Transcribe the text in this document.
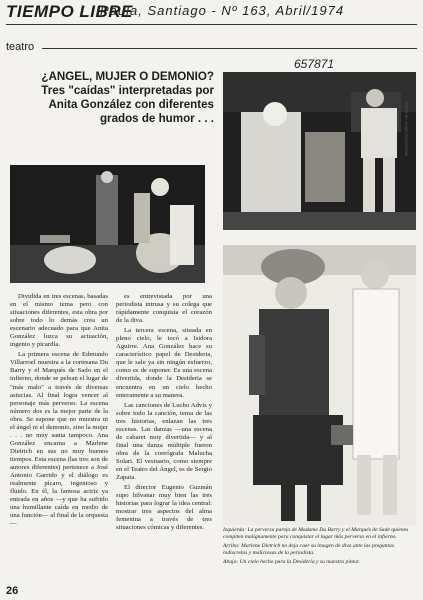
TIEMPO LIBRE
Paula, Santiago - Nº 163, Abril/1974
teatro
657871
¿ANGEL, MUJER O DEMONIO? Tres "caídas" interpretadas por Anita González con diferentes grados de humor . . .	Fotos de Jorge Ianiszewski

Dividida en tres escenas, basadas en el mismo tema pero con situaciones diferentes, esta obra por sobre todo lo demás crea un escenario adecuado para que Anita González luzca su actuación, ingenio y picardía.

La primera escena de Edmundo Villarroel muestra a la cortesana Du Barry y el Marqués de Sado en el infierno, donde se pelean el lugar de "más malo" a través de diversas astucias. Al final logra vencer al personaje más perverso. La escena número dos es la mejor parte de la obra. Se supone que no muestra ni el ángel ni el demonio, sino la mujer . . . no muy santa tampoco. Ana González encarna a Marlene Dietrich en sus no muy buenos tiempos. Esta escena (las tres son de autores diferentes) pertenece a José Antonio Garrido y el diálogo es realmente pícaro, ingenioso y fluido. En él, la famosa actriz ya entrada en años —y que ha sufrido una humillante caída en medio de una función— al final de la orquesta—

es entrevistada por una periodista intrusa y su colega que rápidamente conquista el corazón de la diva.

La tercera escena, situada en pleno cielo, le tocó a Isidora Aguirre. Ana González hace su característico papel de Desideria, que le sale ya sin ningún esfuerzo, como es de suponer. Es una escena divertida, donde la Desideria se encuentra en un cielo hecho enteramente a su manera.

Las canciones de Lucho Advis y sobre todo la canción, tema de las tres historias, enlazan las tres escenas. Las danzas —una escena de cabaret muy divertida— y al final una danza múltiple fueron obra de la coreógrafa Malucha Solari. El vestuario, como siempre en el Teatro del Ángel, es de Sergio Zapata.

El director Eugenio Guzmán supo hilvanar muy bien las tres historias para lograr la idea central: mostrar tres aspectos del alma femenina a través de tres situaciones cómicas y diferentes.	Izquierda: La perversa pareja de Madame Du Barry y el Marqués de Sade quienes compiten malignamente para conquistar el lugar más perverso en el infierno.

Arriba: Marlene Dietrich no deja caer su imagen de diva ante las preguntas indiscretas y maliciosas de la periodista.

Abajo: Un cielo hecho para la Desideria y su maestro pintor.

26
